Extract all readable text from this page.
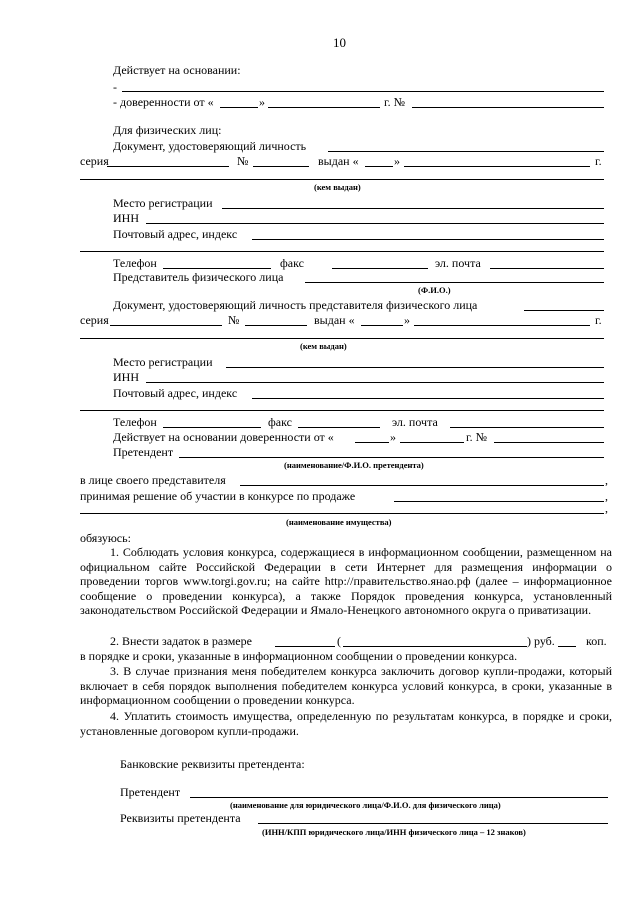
10
Действует на основании:
-
- доверенности от «	»	г. №
Для физических лиц:
Документ, удостоверяющий личность
серия	№	выдан «	»	г.
(кем выдан)
Место регистрации
ИНН
Почтовый адрес, индекс
Телефон	факс	эл. почта
Представитель физического лица
(Ф.И.О.)
Документ, удостоверяющий личность представителя физического лица
серия	№	выдан «	»	г.
(кем выдан)
Место регистрации
ИНН
Почтовый адрес, индекс
Телефон	факс	эл. почта
Действует на основании доверенности от «	»	г. №
Претендент
(наименование/Ф.И.О. претендента)
в лице своего представителя	,
принимая решение об участии в конкурсе по продаже	,
,
(наименование имущества)
обязуюсь:
1. Соблюдать условия конкурса, содержащиеся в информационном сообщении, размещенном на официальном сайте Российской Федерации в сети Интернет для размещения информации о проведении торгов www.torgi.gov.ru; на сайте http://правительство.янао.рф (далее – информационное сообщение о проведении конкурса), а также Порядок проведения конкурса, установленный законодательством Российской Федерации и Ямало-Ненецкого автономного округа о приватизации.
2. Внести задаток в размере	(	) руб.	коп.
в порядке и сроки, указанные в информационном сообщении о проведении конкурса.
3. В случае признания меня победителем конкурса заключить договор купли-продажи, который включает в себя порядок выполнения победителем конкурса условий конкурса, в сроки, указанные в информационном сообщении о проведении конкурса.
4. Уплатить стоимость имущества, определенную по результатам конкурса, в порядке и сроки, установленные договором купли-продажи.
Банковские реквизиты претендента:
Претендент
(наименование для юридического лица/Ф.И.О. для физического лица)
Реквизиты претендента
(ИНН/КПП юридического лица/ИНН физического лица – 12 знаков)
